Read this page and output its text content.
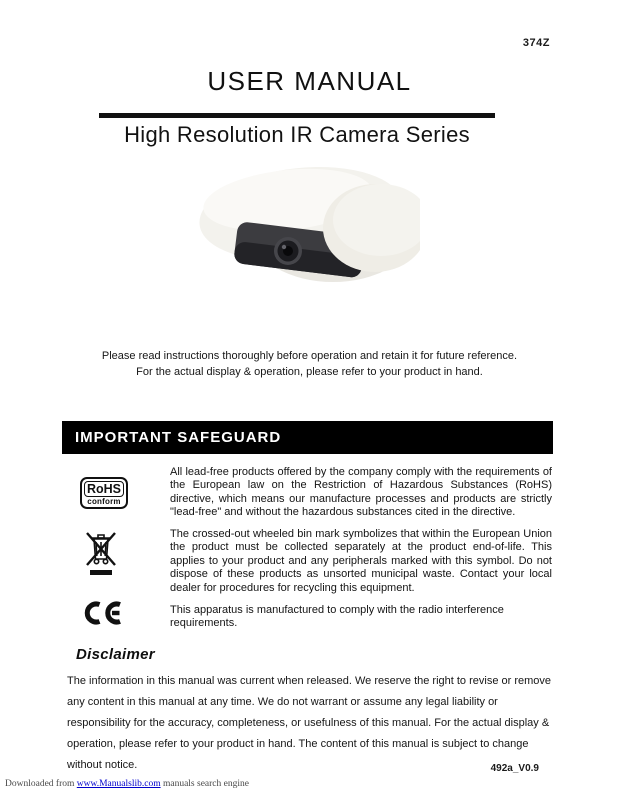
374Z
USER MANUAL
High Resolution IR Camera Series
Please read instructions thoroughly before operation and retain it for future reference.
For the actual display & operation, please refer to your product in hand.
IMPORTANT SAFEGUARD
RoHS
conform
All lead-free products offered by the company comply with the requirements of the European law on the Restriction of Hazardous Substances (RoHS) directive, which means our manufacture processes and products are strictly "lead-free" and without the hazardous substances cited in the directive.
The crossed-out wheeled bin mark symbolizes that within the European Union the product must be collected separately at the product end-of-life. This applies to your product and any peripherals marked with this symbol. Do not dispose of these products as unsorted municipal waste. Contact your local dealer for procedures for recycling this equipment.
This apparatus is manufactured to comply with the radio interference requirements.
Disclaimer
The information in this manual was current when released. We reserve the right to revise or remove any content in this manual at any time. We do not warrant or assume any legal liability or responsibility for the accuracy, completeness, or usefulness of this manual. For the actual display & operation, please refer to your product in hand. The content of this manual is subject to change without notice.	492a_V0.9
Downloaded from www.Manualslib.com manuals search engine
